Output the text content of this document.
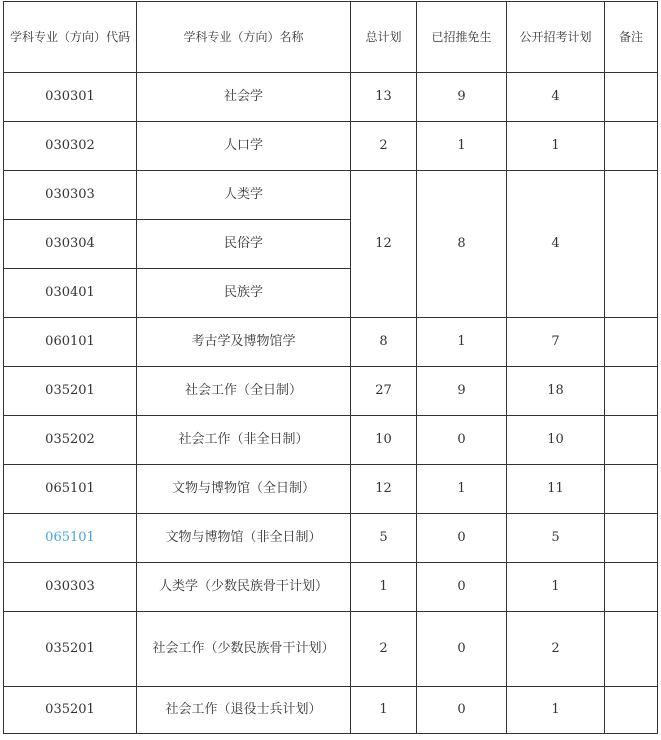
学科专业（方向）代码	学科专业（方向）名称	总计划	已招推免生	公开招考计划	备注
030301	社会学	13	9	4	
030302	人口学	2	1	1	
030303	人类学	12	8	4	
030304	民俗学				
030401	民族学				
060101	考古学及博物馆学	8	1	7	
035201	社会工作（全日制）	27	9	18	
035202	社会工作（非全日制）	10	0	10	
065101	文物与博物馆（全日制）	12	1	11	
065101	文物与博物馆（非全日制）	5	0	5	
030303	人类学（少数民族骨干计划）	1	0	1	
035201	社会工作（少数民族骨干计划）	2	0	2	
035201	社会工作（退役士兵计划）	1	0	1	
